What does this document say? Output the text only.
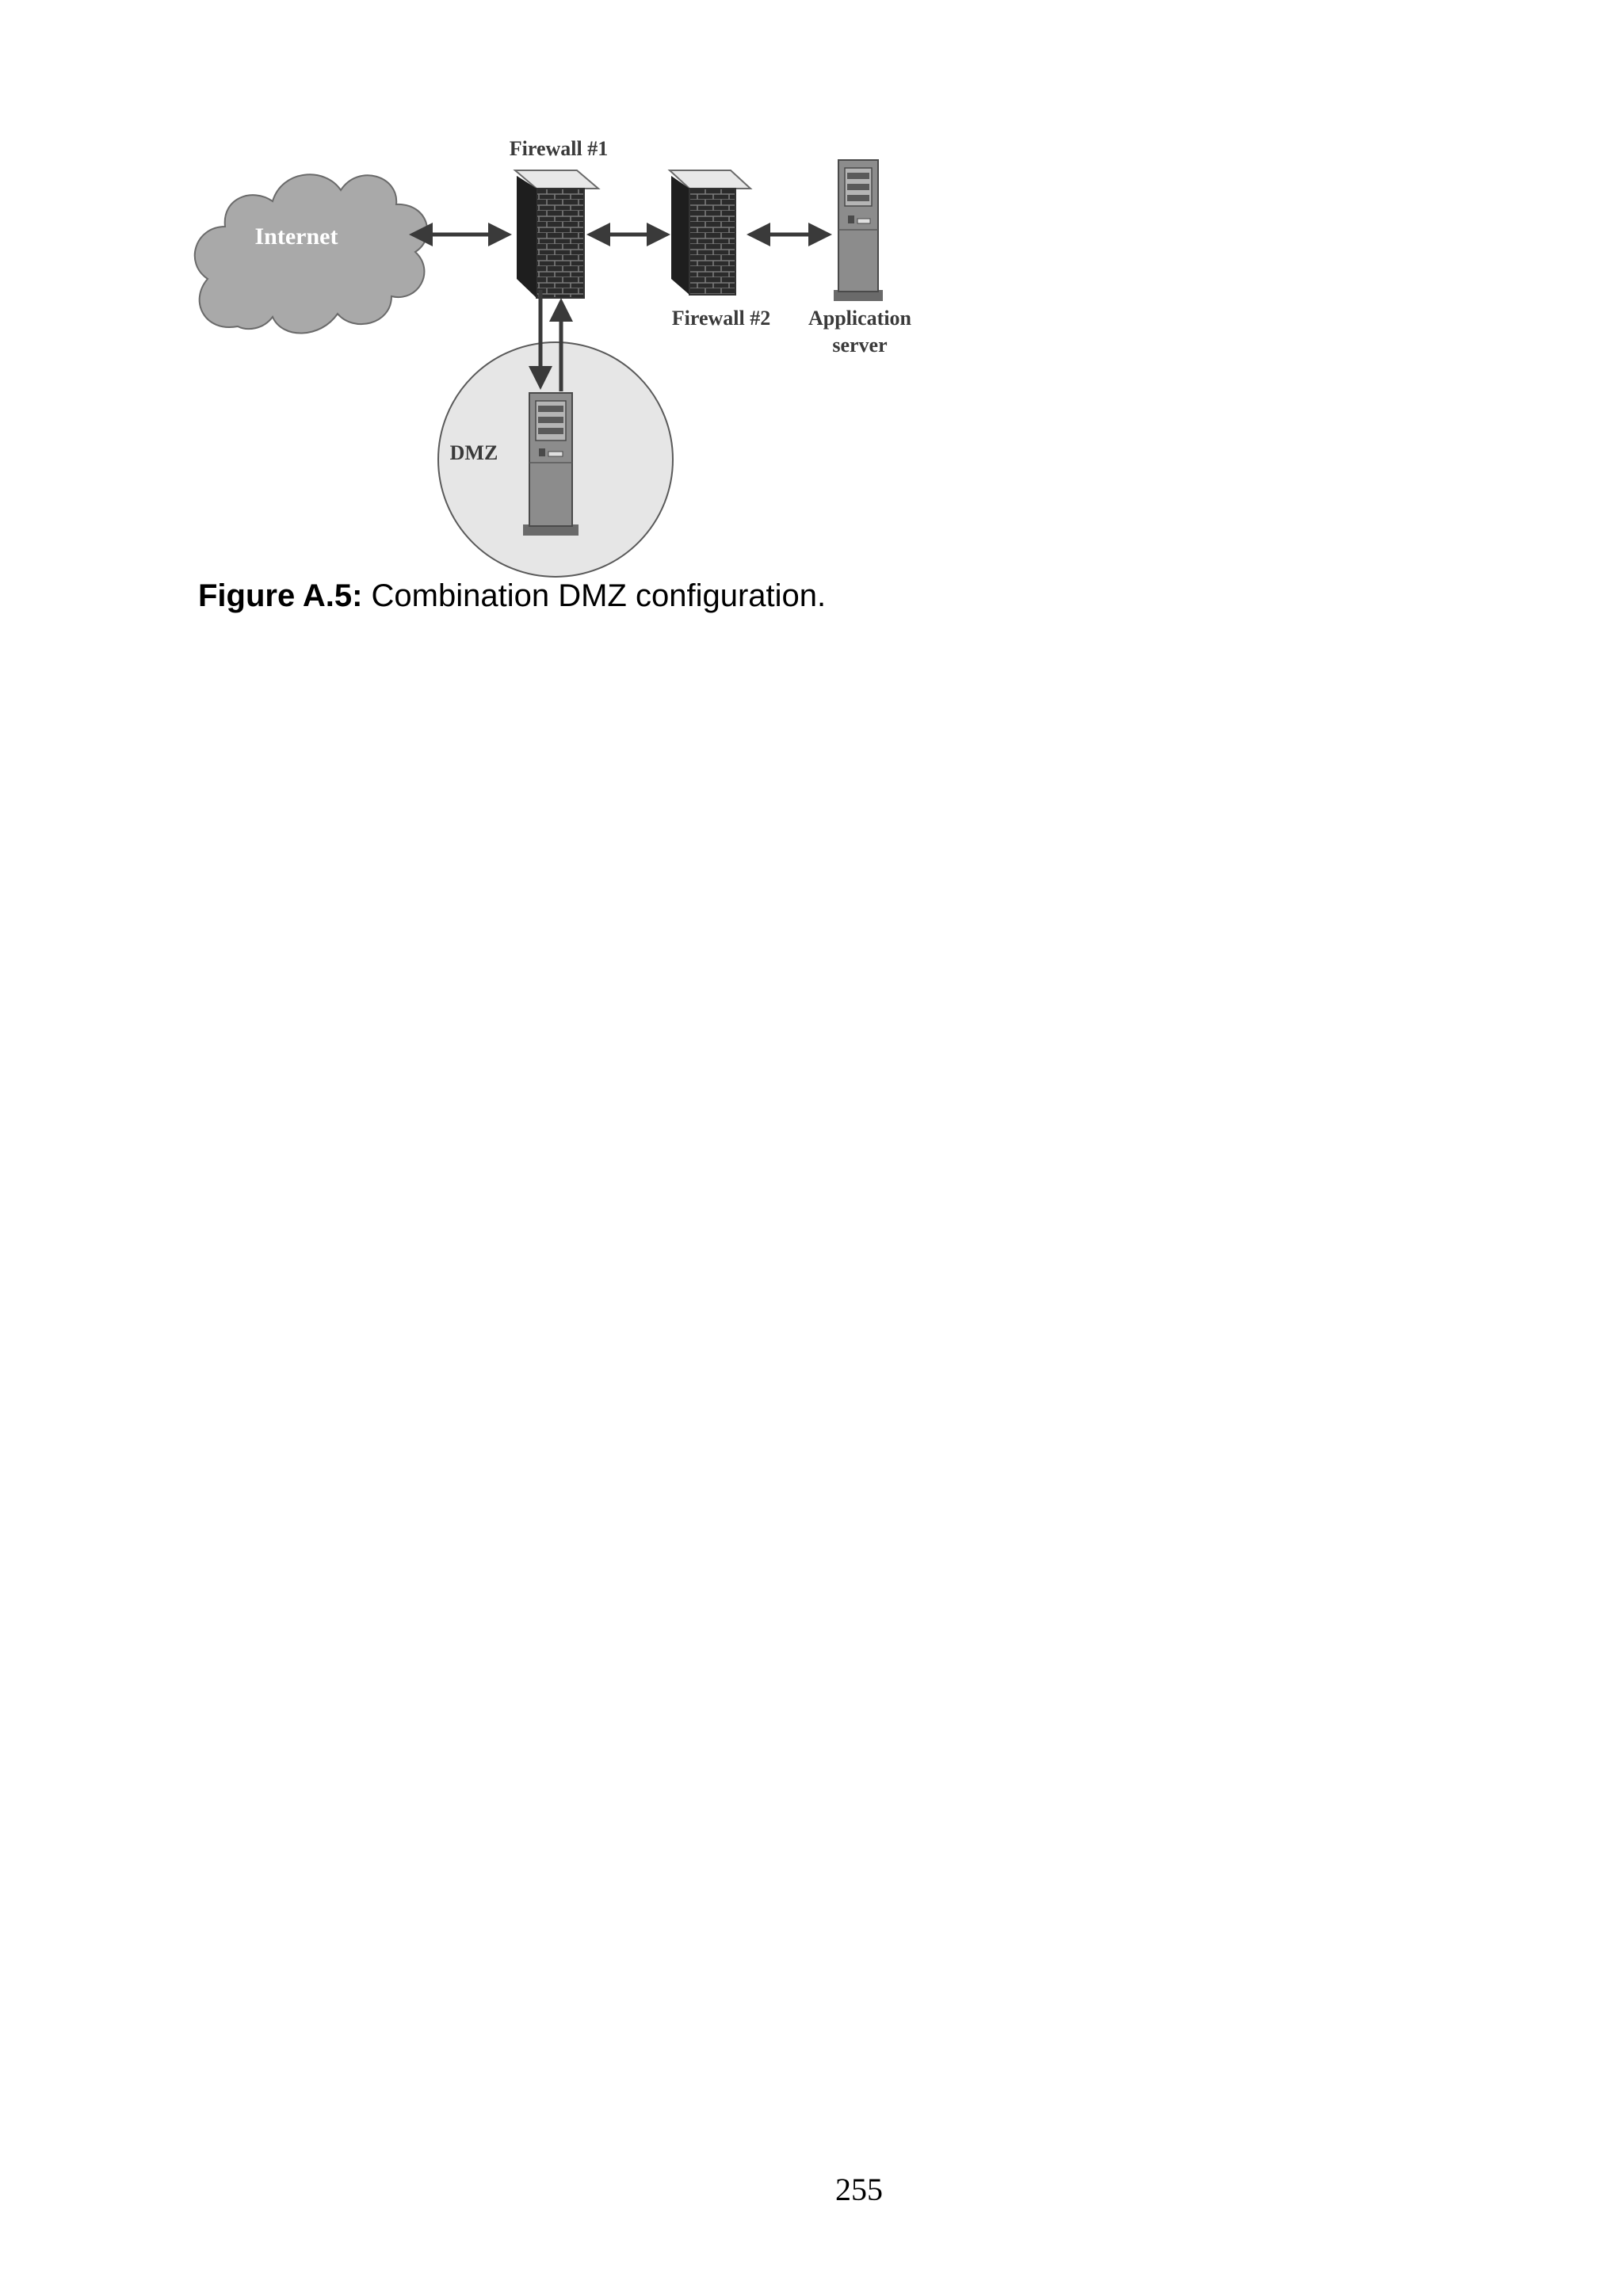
Internet
Firewall #1
Firewall #2 Application
server
DMZ
Figure A.5: Combination DMZ configuration.
255
